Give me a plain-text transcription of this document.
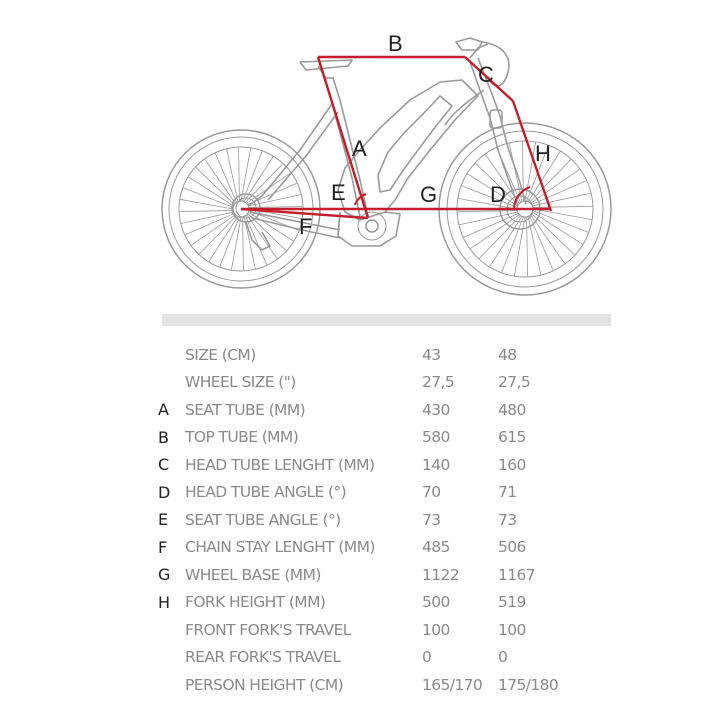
B
C
A	H
E	G D
F
	SIZE (CM)	43	48
	WHEEL SIZE (")	27,5	27,5
A	SEAT TUBE (MM)	430	480
B	TOP TUBE (MM)	580	615
C	HEAD TUBE LENGHT (MM)	140	160
D	HEAD TUBE ANGLE (°)	70	71
E	SEAT TUBE ANGLE (°)	73	73
F	CHAIN STAY LENGHT (MM)	485	506
G	WHEEL BASE (MM)	1122	1167
H	FORK HEIGHT (MM)	500	519
	FRONT FORK'S TRAVEL	100	100
	REAR FORK'S TRAVEL	0	0
	PERSON HEIGHT (CM)	165/170	175/180
